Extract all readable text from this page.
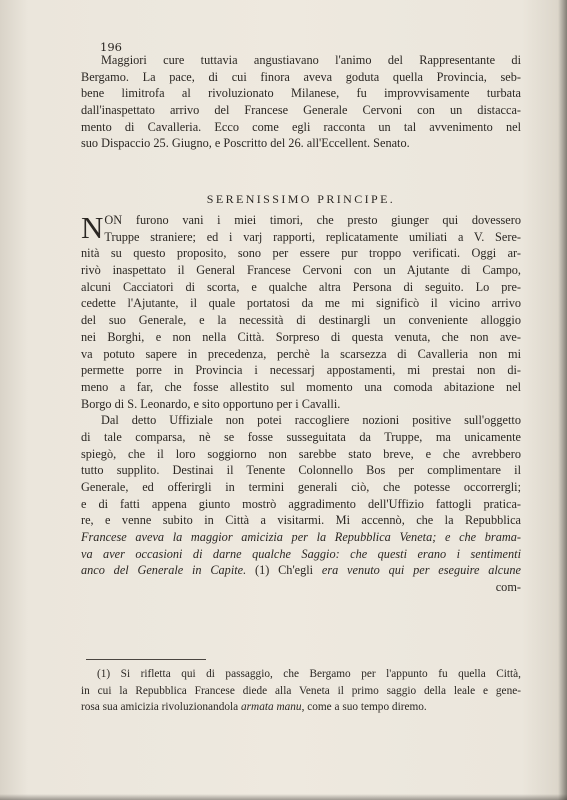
196
Maggiori cure tuttavia angustiavano l'animo del Rappresentante di
Bergamo. La pace, di cui finora aveva goduta quella Provincia, seb-
bene limitrofa al rivoluzionato Milanese, fu improvvisamente turbata
dall'inaspettato arrivo del Francese Generale Cervoni con un distacca-
mento di Cavalleria. Ecco come egli racconta un tal avvenimento nel
suo Dispaccio 25. Giugno, e Poscritto del 26. all'Eccellent. Senato.
SERENISSIMO PRINCIPE.
N ON furono vani i miei timori, che presto giunger qui dovessero
Truppe straniere; ed i varj rapporti, replicatamente umiliati a V. Sere-
nità su questo proposito, sono per essere pur troppo verificati. Oggi ar-
rivò inaspettato il General Francese Cervoni con un Ajutante di Campo,
alcuni Cacciatori di scorta, e qualche altra Persona di seguito. Lo pre-
cedette l'Ajutante, il quale portatosi da me mi significò il vicino arrivo
del suo Generale, e la necessità di destinargli un conveniente alloggio
nei Borghi, e non nella Città. Sorpreso di questa venuta, che non ave-
va potuto sapere in precedenza, perchè la scarsezza di Cavalleria non mi
permette porre in Provincia i necessarj appostamenti, mi prestai non di-
meno a far, che fosse allestito sul momento una comoda abitazione nel
Borgo di S. Leonardo, e sito opportuno per i Cavalli.
Dal detto Uffiziale non potei raccogliere nozioni positive sull'oggetto
di tale comparsa, nè se fosse susseguitata da Truppe, ma unicamente
spiegò, che il loro soggiorno non sarebbe stato breve, e che avrebbero
tutto supplito. Destinai il Tenente Colonnello Bos per complimentare il
Generale, ed offerirgli in termini generali ciò, che potesse occorrergli;
e di fatti appena giunto mostrò aggradimento dell'Uffizio fattogli pratica-
re, e venne subito in Città a visitarmi. Mi accennò, che la Repubblica
Francese aveva la maggior amicizia per la Repubblica Veneta; e che brama-
va aver occasioni di darne qualche Saggio: che questi erano i sentimenti
anco del Generale in Capite. (1) Ch'egli era venuto qui per eseguire alcune
com-
(1) Si rifletta qui di passaggio, che Bergamo per l'appunto fu quella Città,
in cui la Repubblica Francese diede alla Veneta il primo saggio della leale e gene-
rosa sua amicizia rivoluzionandola armata manu, come a suo tempo diremo.
